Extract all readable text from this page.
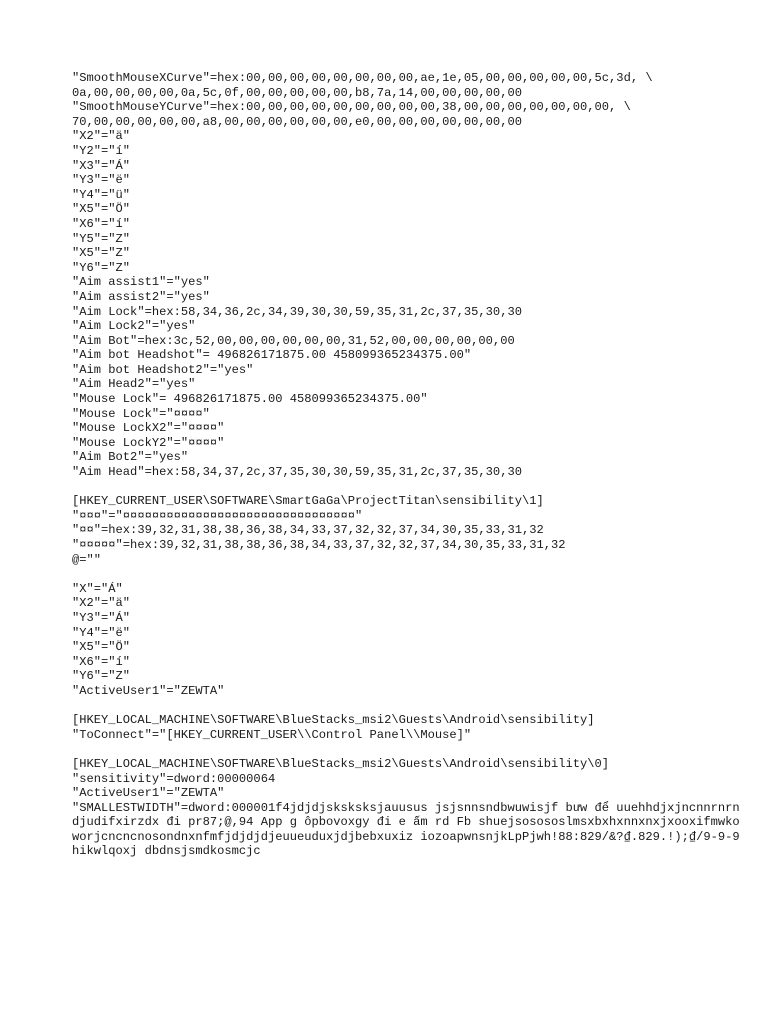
"SmoothMouseXCurve"=hex:00,00,00,00,00,00,00,00,ae,1e,05,00,00,00,00,00,5c,3d, \
0a,00,00,00,00,0a,5c,0f,00,00,00,00,00,b8,7a,14,00,00,00,00,00
"SmoothMouseYCurve"=hex:00,00,00,00,00,00,00,00,00,38,00,00,00,00,00,00,00, \
70,00,00,00,00,00,a8,00,00,00,00,00,00,e0,00,00,00,00,00,00,00
"X2"="ä"
"Y2"="í"
"X3"="Á"
"Y3"="ë"
"Y4"="ü"
"X5"="Ö"
"X6"="í"
"Y5"="Z"
"X5"="Z"
"Y6"="Z"
"Aim assist1"="yes"
"Aim assist2"="yes"
"Aim Lock"=hex:58,34,36,2c,34,39,30,30,59,35,31,2c,37,35,30,30
"Aim Lock2"="yes"
"Aim Bot"=hex:3c,52,00,00,00,00,00,00,31,52,00,00,00,00,00,00
"Aim bot Headshot"= 496826171875.00 458099365234375.00"
"Aim bot Headshot2"="yes"
"Aim Head2"="yes"
"Mouse Lock"= 496826171875.00 458099365234375.00"
"Mouse Lock"="¤¤¤¤"
"Mouse LockX2"="¤¤¤¤"
"Mouse LockY2"="¤¤¤¤"
"Aim Bot2"="yes"
"Aim Head"=hex:58,34,37,2c,37,35,30,30,59,35,31,2c,37,35,30,30
[HKEY_CURRENT_USER\SOFTWARE\SmartGaGa\ProjectTitan\sensibility\1]
"¤¤¤"="¤¤¤¤¤¤¤¤¤¤¤¤¤¤¤¤¤¤¤¤¤¤¤¤¤¤¤¤¤¤¤¤"
"¤¤"=hex:39,32,31,38,38,36,38,34,33,37,32,32,37,34,30,35,33,31,32
"¤¤¤¤¤"=hex:39,32,31,38,38,36,38,34,33,37,32,32,37,34,30,35,33,31,32
@=""
"X"="Á"
"X2"="ä"
"Y3"="Á"
"Y4"="ë"
"X5"="Ö"
"X6"="í"
"Y6"="Z"
"ActiveUser1"="ZEWTA"
[HKEY_LOCAL_MACHINE\SOFTWARE\BlueStacks_msi2\Guests\Android\sensibility]
"ToConnect"="[HKEY_CURRENT_USER\\Control Panel\\Mouse]"
[HKEY_LOCAL_MACHINE\SOFTWARE\BlueStacks_msi2\Guests\Android\sensibility\0]
"sensitivity"=dword:00000064
"ActiveUser1"="ZEWTA"
"SMALLESTWIDTH"=dword:000001f4jdjdjsksksksjauusus jsjsnnsndbwuwisjf bưw để uuehhdjxjncnnrnrndjudifxirzdx đi pr87;@,94 App g ôpbovoxgy đi e ấm rd Fb shuejsosososlmsxbxhxnnxnxjxooxifmwkoworjcncncnosondnxnfmfjdjdjdjeuueuduxjdjbebxuxiz iozoapwnsnjkLpPjwh!88:829/&?₫.829.!);₫/9-9-9 hikwlqoxj dbdnsjsmdkosmcjc
